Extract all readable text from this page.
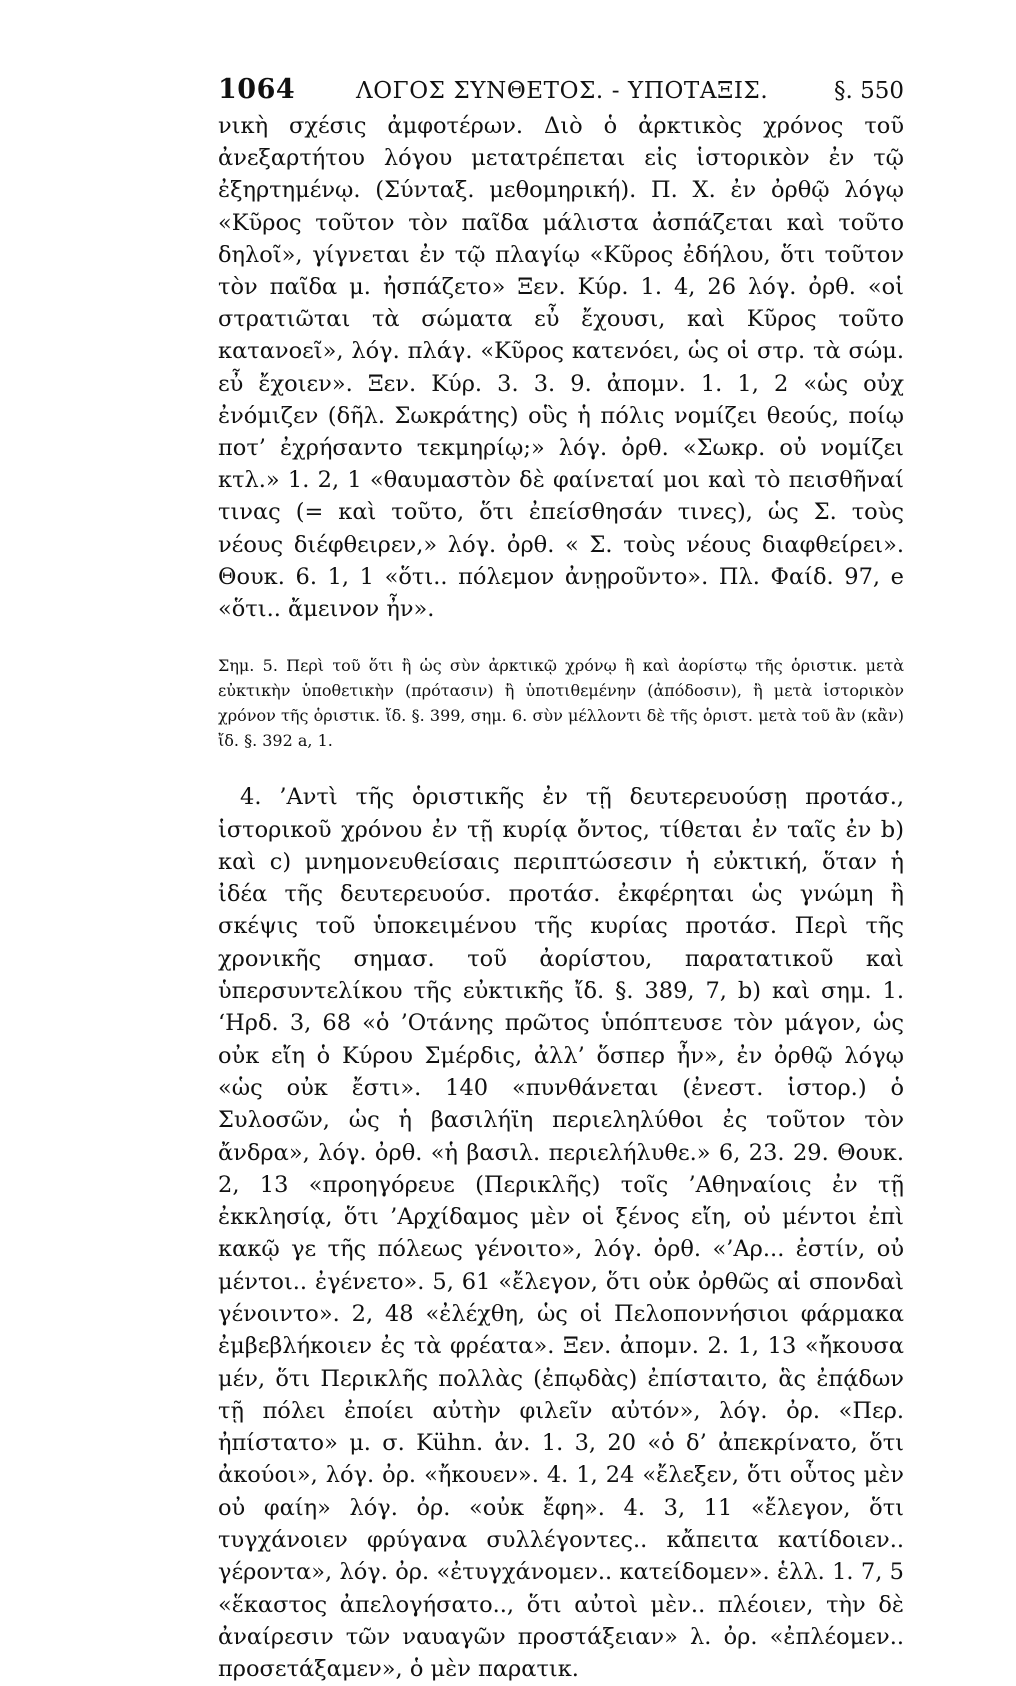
1064	ΛΟΓΟΣ ΣΥΝΘΕΤΟΣ. - ΥΠΟΤΑΞΙΣ.	§. 550

νικὴ σχέσις ἀμφοτέρων. Διὸ ὁ ἀρκτικὸς χρόνος τοῦ ἀνεξαρτήτου λόγου μετατρέπεται εἰς ἱστορικὸν ἐν τῷ ἐξηρτημένῳ. (Σύνταξ. μεθομηρική). Π. Χ. ἐν ὀρθῷ λόγῳ «Κῦρος τοῦτον τὸν παῖδα μάλιστα ἀσπάζεται καὶ τοῦτο δηλοῖ», γίγνεται ἐν τῷ πλαγίῳ «Κῦρος ἐδήλου, ὅτι τοῦτον τὸν παῖδα μ. ἠσπάζετο» Ξεν. Κύρ. 1. 4, 26 λόγ. ὀρθ. «οἱ στρατιῶται τὰ σώματα εὖ ἔχουσι, καὶ Κῦρος τοῦτο κατανοεῖ», λόγ. πλάγ. «Κῦρος κατενόει, ὡς οἱ στρ. τὰ σώμ. εὖ ἔχοιεν». Ξεν. Κύρ. 3. 3. 9. ἀπομν. 1. 1, 2 «ὡς οὐχ ἐνόμιζεν (δῆλ. Σωκράτης) οὓς ἡ πόλις νομίζει θεούς, ποίῳ ποτ’ ἐχρήσαντο τεκμηρίῳ;» λόγ. ὀρθ. «Σωκρ. οὐ νομίζει κτλ.» 1. 2, 1 «θαυμαστὸν δὲ φαίνεταί μοι καὶ τὸ πεισθῆναί τινας (= καὶ τοῦτο, ὅτι ἐπείσθησάν τινες), ὡς Σ. τοὺς νέους διέφθειρεν,» λόγ. ὀρθ. « Σ. τοὺς νέους διαφθείρει». Θουκ. 6. 1, 1 «ὅτι.. πόλεμον ἀνῃροῦντο». Πλ. Φαίδ. 97, e «ὅτι.. ἄμεινον ἦν».

Σημ. 5. Περὶ τοῦ ὅτι ἢ ὡς σὺν ἀρκτικῷ χρόνῳ ἢ καὶ ἀορίστῳ τῆς ὁριστικ. μετὰ εὐκτικὴν ὑποθετικὴν (πρότασιν) ἢ ὑποτιθεμένην (ἀπόδοσιν), ἢ μετὰ ἱστορικὸν χρόνον τῆς ὁριστικ. ἴδ. §. 399, σημ. 6. σὺν μέλλοντι δὲ τῆς ὁριστ. μετὰ τοῦ ἂν (κἂν) ἴδ. §. 392 a, 1.

4. ’Αντὶ τῆς ὁριστικῆς ἐν τῇ δευτερευούσῃ προτάσ., ἱστορικοῦ χρόνου ἐν τῇ κυρίᾳ ὄντος, τίθεται ἐν ταῖς ἐν b) καὶ c) μνημονευθείσαις περιπτώσεσιν ἡ εὐκτική, ὅταν ἡ ἰδέα τῆς δευτερευούσ. προτάσ. ἐκφέρηται ὡς γνώμη ἢ σκέψις τοῦ ὑποκειμένου τῆς κυρίας προτάσ. Περὶ τῆς χρονικῆς σημασ. τοῦ ἀορίστου, παρατατικοῦ καὶ ὑπερσυντελίκου τῆς εὐκτικῆς ἴδ. §. 389, 7, b) καὶ σημ. 1. ‘Ηρδ. 3, 68 «ὁ ’Οτάνης πρῶτος ὑπόπτευσε τὸν μάγον, ὡς οὐκ εἴη ὁ Κύρου Σμέρδις, ἀλλ’ ὅσπερ ἦν», ἐν ὀρθῷ λόγῳ «ὡς οὐκ ἔστι». 140 «πυνθάνεται (ἐνεστ. ἱστορ.) ὁ Συλοσῶν, ὡς ἡ βασιλήϊη περιεληλύθοι ἐς τοῦτον τὸν ἄνδρα», λόγ. ὀρθ. «ἡ βασιλ. περιελήλυθε.» 6, 23. 29. Θουκ. 2, 13 «προηγόρευε (Περικλῆς) τοῖς ’Αθηναίοις ἐν τῇ ἐκκλησίᾳ, ὅτι ’Αρχίδαμος μὲν οἱ ξένος εἴη, οὐ μέντοι ἐπὶ κακῷ γε τῆς πόλεως γένοιτο», λόγ. ὀρθ. «’Αρ... ἐστίν, οὐ μέντοι.. ἐγένετο». 5, 61 «ἔλεγον, ὅτι οὐκ ὀρθῶς αἱ σπονδαὶ γένοιντο». 2, 48 «ἐλέχθη, ὡς οἱ Πελοποννήσιοι φάρμακα ἐμβεβλήκοιεν ἐς τὰ φρέατα». Ξεν. ἀπομν. 2. 1, 13 «ἤκουσα μέν, ὅτι Περικλῆς πολλὰς (ἐπῳδὰς) ἐπίσταιτο, ἃς ἐπᾴδων τῇ πόλει ἐποίει αὐτὴν φιλεῖν αὐτόν», λόγ. ὀρ. «Περ. ἠπίστατο» μ. σ. Kühn. ἀν. 1. 3, 20 «ὁ δ’ ἀπεκρίνατο, ὅτι ἀκούοι», λόγ. ὀρ. «ἤκουεν». 4. 1, 24 «ἔλεξεν, ὅτι οὗτος μὲν οὐ φαίη» λόγ. ὀρ. «οὐκ ἔφη». 4. 3, 11 «ἔλεγον, ὅτι τυγχάνοιεν φρύγανα συλλέγοντες.. κἄπειτα κατίδοιεν.. γέροντα», λόγ. ὀρ. «ἐτυγχάνομεν.. κατείδομεν». ἑλλ. 1. 7, 5 «ἕκαστος ἀπελογήσατο.., ὅτι αὐτοὶ μὲν.. πλέοιεν, τὴν δὲ ἀναίρεσιν τῶν ναυαγῶν προστάξειαν» λ. ὀρ. «ἐπλέομεν.. προσετάξαμεν», ὁ μὲν παρατικ.
